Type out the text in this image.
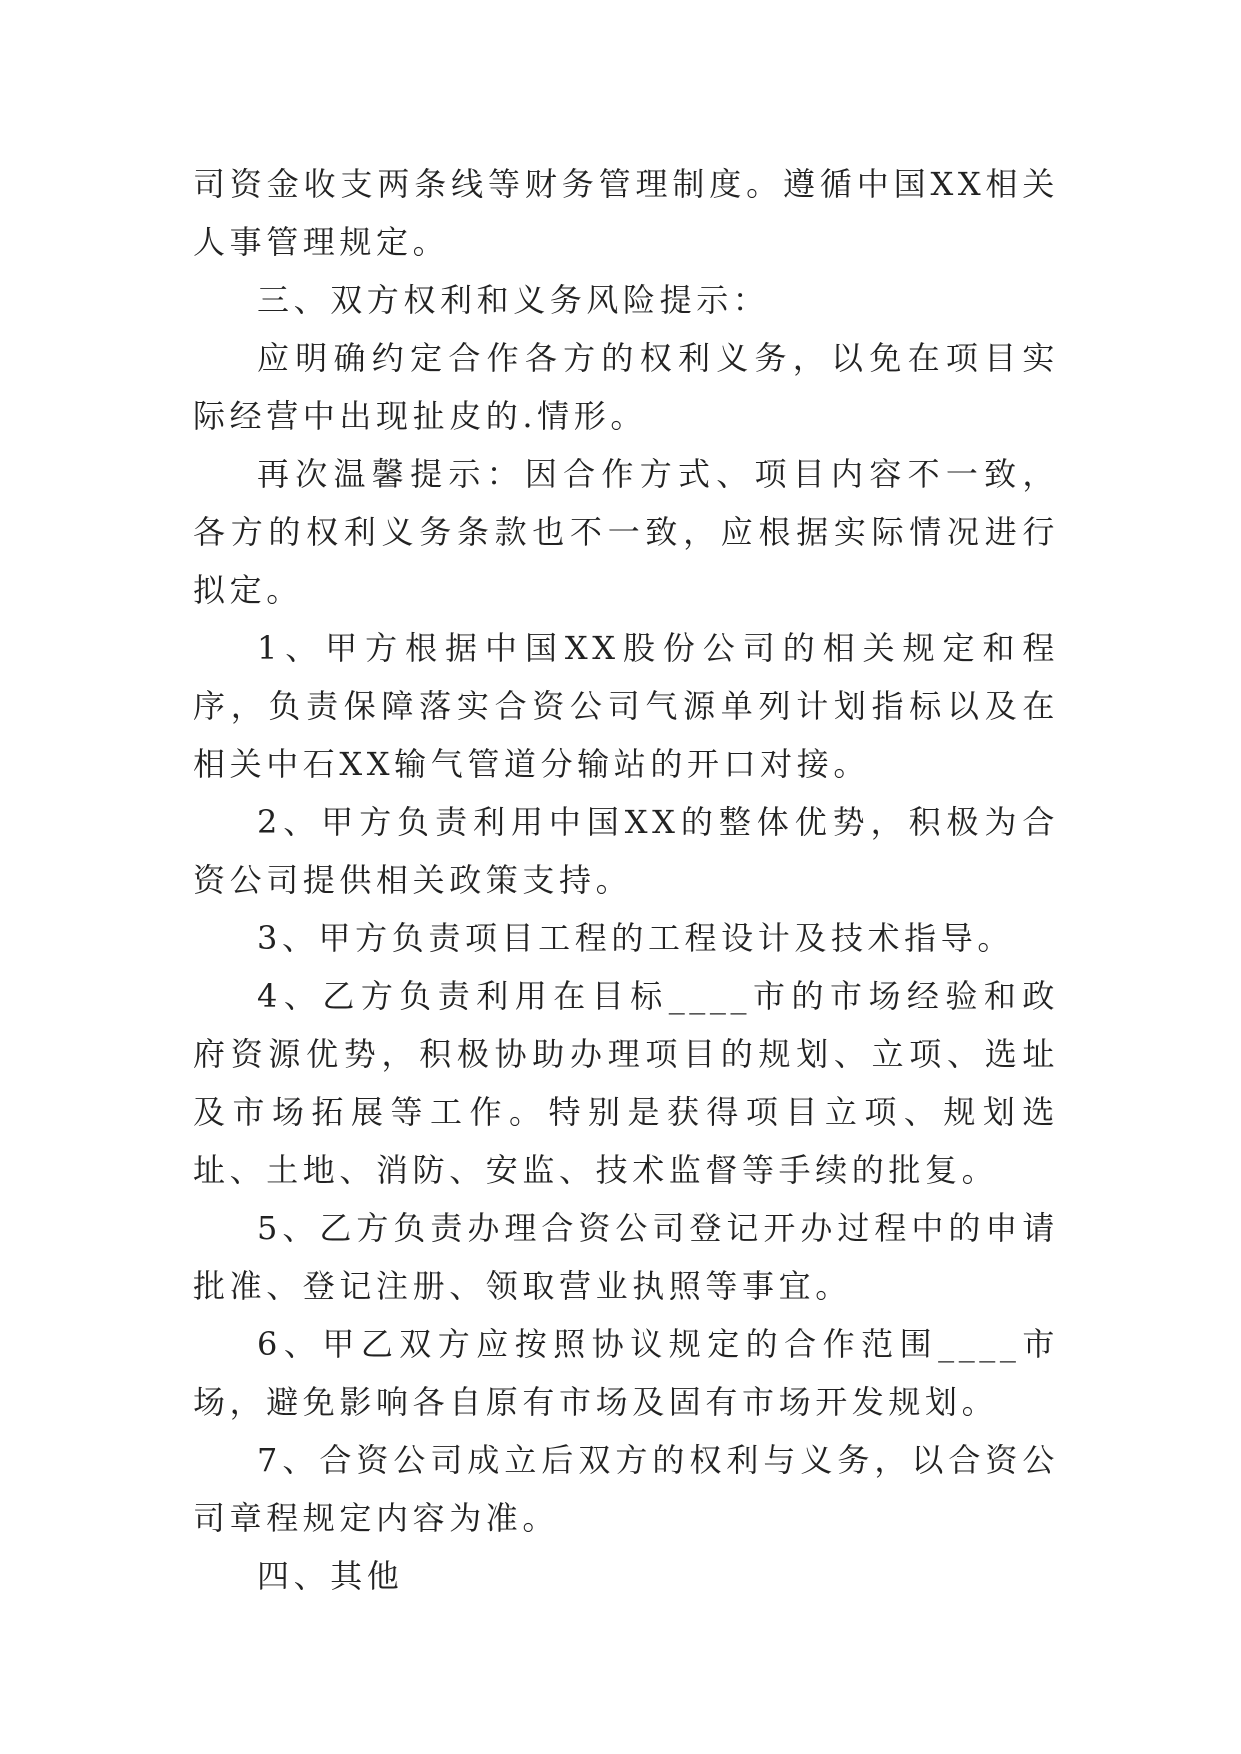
司资金收支两条线等财务管理制度。遵循中国XX相关人事管理规定。

三、双方权利和义务风险提示：

应明确约定合作各方的权利义务，以免在项目实际经营中出现扯皮的.情形。

再次温馨提示：因合作方式、项目内容不一致，各方的权利义务条款也不一致，应根据实际情况进行拟定。

1、甲方根据中国XX股份公司的相关规定和程序，负责保障落实合资公司气源单列计划指标以及在相关中石XX输气管道分输站的开口对接。

2、甲方负责利用中国XX的整体优势，积极为合资公司提供相关政策支持。

3、甲方负责项目工程的工程设计及技术指导。

4、乙方负责利用在目标____市的市场经验和政府资源优势，积极协助办理项目的规划、立项、选址及市场拓展等工作。特别是获得项目立项、规划选址、土地、消防、安监、技术监督等手续的批复。

5、乙方负责办理合资公司登记开办过程中的申请批准、登记注册、领取营业执照等事宜。

6、甲乙双方应按照协议规定的合作范围____市场，避免影响各自原有市场及固有市场开发规划。

7、合资公司成立后双方的权利与义务，以合资公司章程规定内容为准。

四、其他
